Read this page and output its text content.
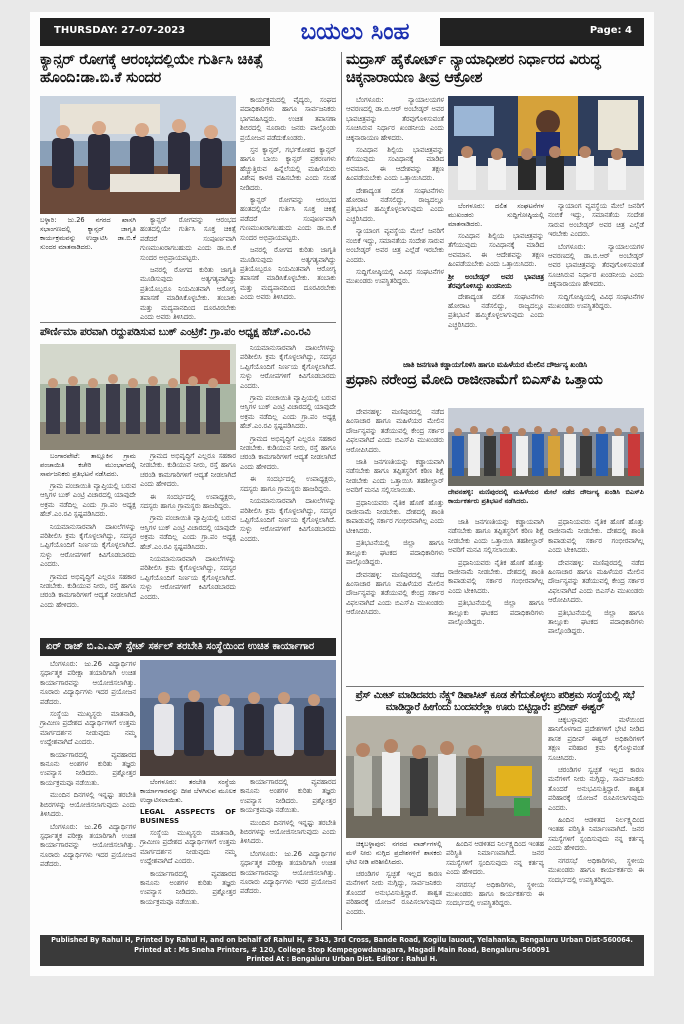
THURSDAY: 27-07-2023	ಬಯಲು ಸಿಂಹ	Page: 4
ಕ್ಯಾನ್ಸರ್ ರೋಗಕ್ಕೆ ಆರಂಭದಲ್ಲಿಯೇ ಗುರ್ತಿಸಿ ಚಿಕಿತ್ಸೆ ಹೊಂದಿ:ಡಾ.ಬಿ.ಕೆ ಸುಂದರ
ಬಳ್ಳಾರಿ: ಜು.26 ನಗರದ ಖಾಸಗಿ ಸಭಾಂಗಣದಲ್ಲಿ ಕ್ಯಾನ್ಸರ್ ಜಾಗೃತಿ ಕಾರ್ಯಕ್ರಮವನ್ನು ಉದ್ಘಾಟಿಸಿ ಡಾ.ಬಿ.ಕೆ ಸುಂದರ ಮಾತನಾಡಿದರು.

ಕ್ಯಾನ್ಸರ್ ರೋಗವನ್ನು ಆರಂಭದ ಹಂತದಲ್ಲಿಯೇ ಗುರ್ತಿಸಿ ಸೂಕ್ತ ಚಿಕಿತ್ಸೆ ಪಡೆದರೆ ಸಂಪೂರ್ಣವಾಗಿ ಗುಣಮುಖರಾಗಬಹುದು ಎಂದು ಡಾ.ಬಿ.ಕೆ ಸುಂದರ ಅಭಿಪ್ರಾಯಪಟ್ಟರು.

ಜನರಲ್ಲಿ ರೋಗದ ಕುರಿತು ಜಾಗೃತಿ ಮೂಡಿಸುವುದು ಅತ್ಯಗತ್ಯವಾಗಿದ್ದು ಪ್ರತಿಯೊಬ್ಬರೂ ನಿಯಮಿತವಾಗಿ ಆರೋಗ್ಯ ತಪಾಸಣೆ ಮಾಡಿಸಿಕೊಳ್ಳಬೇಕು. ತಂಬಾಕು ಮತ್ತು ಮದ್ಯಪಾನದಿಂದ ದೂರವಿರಬೇಕು ಎಂದು ಅವರು ತಿಳಿಸಿದರು.

ಕಾರ್ಯಕ್ರಮದಲ್ಲಿ ವೈದ್ಯರು, ಸಂಘದ ಪದಾಧಿಕಾರಿಗಳು ಹಾಗೂ ಸಾರ್ವಜನಿಕರು ಭಾಗವಹಿಸಿದ್ದರು. ಉಚಿತ ತಪಾಸಣಾ ಶಿಬಿರದಲ್ಲಿ ನೂರಾರು ಜನರು ಪಾಲ್ಗೊಂಡು ಪ್ರಯೋಜನ ಪಡೆದುಕೊಂಡರು.

ಸ್ತನ ಕ್ಯಾನ್ಸರ್, ಗರ್ಭಕೋಶದ ಕ್ಯಾನ್ಸರ್ ಹಾಗೂ ಬಾಯಿ ಕ್ಯಾನ್ಸರ್ ಪ್ರಕರಣಗಳು ಹೆಚ್ಚುತ್ತಿರುವ ಹಿನ್ನೆಲೆಯಲ್ಲಿ ಮಹಿಳೆಯರು ವಿಶೇಷ ಕಾಳಜಿ ವಹಿಸಬೇಕು ಎಂದು ಸಲಹೆ ನೀಡಿದರು.

ಕ್ಯಾನ್ಸರ್ ರೋಗವನ್ನು ಆರಂಭದ ಹಂತದಲ್ಲಿಯೇ ಗುರ್ತಿಸಿ ಸೂಕ್ತ ಚಿಕಿತ್ಸೆ ಪಡೆದರೆ ಸಂಪೂರ್ಣವಾಗಿ ಗುಣಮುಖರಾಗಬಹುದು ಎಂದು ಡಾ.ಬಿ.ಕೆ ಸುಂದರ ಅಭಿಪ್ರಾಯಪಟ್ಟರು.

ಜನರಲ್ಲಿ ರೋಗದ ಕುರಿತು ಜಾಗೃತಿ ಮೂಡಿಸುವುದು ಅತ್ಯಗತ್ಯವಾಗಿದ್ದು ಪ್ರತಿಯೊಬ್ಬರೂ ನಿಯಮಿತವಾಗಿ ಆರೋಗ್ಯ ತಪಾಸಣೆ ಮಾಡಿಸಿಕೊಳ್ಳಬೇಕು. ತಂಬಾಕು ಮತ್ತು ಮದ್ಯಪಾನದಿಂದ ದೂರವಿರಬೇಕು ಎಂದು ಅವರು ತಿಳಿಸಿದರು.

ಪೌರ್ಣಿಮಾ ಪರವಾಗಿ ರದ್ದುಪಡಿಸುವ ಬುಕ್ ಎಂಟ್ರಿಕೆ: ಗ್ರಾ.ಪಂ ಅಧ್ಯಕ್ಷ ಹೆಚ್.ಎಂ.ರವಿ

ಬಂಗಾರಪೇಟೆ: ತಾಲ್ಲೂಕಿನ ಗ್ರಾಮ ಪಂಚಾಯಿತಿ ಕಚೇರಿ ಮುಂಭಾಗದಲ್ಲಿ ಸಾರ್ವಜನಿಕರು ಪ್ರತಿಭಟನೆ ನಡೆಸಿದರು.

ಗ್ರಾಮ ಪಂಚಾಯಿತಿ ವ್ಯಾಪ್ತಿಯಲ್ಲಿ ಬರುವ ಆಸ್ತಿಗಳ ಬುಕ್ ಎಂಟ್ರಿ ವಿಚಾರದಲ್ಲಿ ಯಾವುದೇ ಅಕ್ರಮ ನಡೆದಿಲ್ಲ ಎಂದು ಗ್ರಾ.ಪಂ ಅಧ್ಯಕ್ಷ ಹೆಚ್.ಎಂ.ರವಿ ಸ್ಪಷ್ಟಪಡಿಸಿದರು.

ನಿಯಮಾನುಸಾರವಾಗಿ ದಾಖಲೆಗಳನ್ನು ಪರಿಶೀಲಿಸಿ ಕ್ರಮ ಕೈಗೊಳ್ಳಲಾಗಿದ್ದು, ಸದಸ್ಯರ ಒಪ್ಪಿಗೆಯೊಂದಿಗೆ ನಿರ್ಣಯ ಕೈಗೊಳ್ಳಲಾಗಿದೆ. ಸುಳ್ಳು ಆರೋಪಗಳಿಗೆ ಕಿವಿಗೊಡಬಾರದು ಎಂದರು.

ಗ್ರಾಮದ ಅಭಿವೃದ್ಧಿಗೆ ಎಲ್ಲರೂ ಸಹಕಾರ ನೀಡಬೇಕು. ಕುಡಿಯುವ ನೀರು, ರಸ್ತೆ ಹಾಗೂ ಚರಂಡಿ ಕಾಮಗಾರಿಗಳಿಗೆ ಆದ್ಯತೆ ನೀಡಲಾಗಿದೆ ಎಂದು ಹೇಳಿದರು.

ಗ್ರಾಮದ ಅಭಿವೃದ್ಧಿಗೆ ಎಲ್ಲರೂ ಸಹಕಾರ ನೀಡಬೇಕು. ಕುಡಿಯುವ ನೀರು, ರಸ್ತೆ ಹಾಗೂ ಚರಂಡಿ ಕಾಮಗಾರಿಗಳಿಗೆ ಆದ್ಯತೆ ನೀಡಲಾಗಿದೆ ಎಂದು ಹೇಳಿದರು.

ಈ ಸಂದರ್ಭದಲ್ಲಿ ಉಪಾಧ್ಯಕ್ಷರು, ಸದಸ್ಯರು ಹಾಗೂ ಗ್ರಾಮಸ್ಥರು ಹಾಜರಿದ್ದರು.

ಗ್ರಾಮ ಪಂಚಾಯಿತಿ ವ್ಯಾಪ್ತಿಯಲ್ಲಿ ಬರುವ ಆಸ್ತಿಗಳ ಬುಕ್ ಎಂಟ್ರಿ ವಿಚಾರದಲ್ಲಿ ಯಾವುದೇ ಅಕ್ರಮ ನಡೆದಿಲ್ಲ ಎಂದು ಗ್ರಾ.ಪಂ ಅಧ್ಯಕ್ಷ ಹೆಚ್.ಎಂ.ರವಿ ಸ್ಪಷ್ಟಪಡಿಸಿದರು.

ನಿಯಮಾನುಸಾರವಾಗಿ ದಾಖಲೆಗಳನ್ನು ಪರಿಶೀಲಿಸಿ ಕ್ರಮ ಕೈಗೊಳ್ಳಲಾಗಿದ್ದು, ಸದಸ್ಯರ ಒಪ್ಪಿಗೆಯೊಂದಿಗೆ ನಿರ್ಣಯ ಕೈಗೊಳ್ಳಲಾಗಿದೆ. ಸುಳ್ಳು ಆರೋಪಗಳಿಗೆ ಕಿವಿಗೊಡಬಾರದು ಎಂದರು.

ನಿಯಮಾನುಸಾರವಾಗಿ ದಾಖಲೆಗಳನ್ನು ಪರಿಶೀಲಿಸಿ ಕ್ರಮ ಕೈಗೊಳ್ಳಲಾಗಿದ್ದು, ಸದಸ್ಯರ ಒಪ್ಪಿಗೆಯೊಂದಿಗೆ ನಿರ್ಣಯ ಕೈಗೊಳ್ಳಲಾಗಿದೆ. ಸುಳ್ಳು ಆರೋಪಗಳಿಗೆ ಕಿವಿಗೊಡಬಾರದು ಎಂದರು.

ಗ್ರಾಮ ಪಂಚಾಯಿತಿ ವ್ಯಾಪ್ತಿಯಲ್ಲಿ ಬರುವ ಆಸ್ತಿಗಳ ಬುಕ್ ಎಂಟ್ರಿ ವಿಚಾರದಲ್ಲಿ ಯಾವುದೇ ಅಕ್ರಮ ನಡೆದಿಲ್ಲ ಎಂದು ಗ್ರಾ.ಪಂ ಅಧ್ಯಕ್ಷ ಹೆಚ್.ಎಂ.ರವಿ ಸ್ಪಷ್ಟಪಡಿಸಿದರು.

ಗ್ರಾಮದ ಅಭಿವೃದ್ಧಿಗೆ ಎಲ್ಲರೂ ಸಹಕಾರ ನೀಡಬೇಕು. ಕುಡಿಯುವ ನೀರು, ರಸ್ತೆ ಹಾಗೂ ಚರಂಡಿ ಕಾಮಗಾರಿಗಳಿಗೆ ಆದ್ಯತೆ ನೀಡಲಾಗಿದೆ ಎಂದು ಹೇಳಿದರು.

ಈ ಸಂದರ್ಭದಲ್ಲಿ ಉಪಾಧ್ಯಕ್ಷರು, ಸದಸ್ಯರು ಹಾಗೂ ಗ್ರಾಮಸ್ಥರು ಹಾಜರಿದ್ದರು.

ನಿಯಮಾನುಸಾರವಾಗಿ ದಾಖಲೆಗಳನ್ನು ಪರಿಶೀಲಿಸಿ ಕ್ರಮ ಕೈಗೊಳ್ಳಲಾಗಿದ್ದು, ಸದಸ್ಯರ ಒಪ್ಪಿಗೆಯೊಂದಿಗೆ ನಿರ್ಣಯ ಕೈಗೊಳ್ಳಲಾಗಿದೆ. ಸುಳ್ಳು ಆರೋಪಗಳಿಗೆ ಕಿವಿಗೊಡಬಾರದು ಎಂದರು.

ಏರ್ ರಾಜ್ ಬಿ.ಎ.ಎಸ್ ಸ್ಟೇಟ್ ಸರ್ಕಲ್ ತರಬೇತಿ ಸಂಸ್ಥೆಯಿಂದ ಉಚಿತ ಕಾರ್ಯಾಗಾರ

ಬೆಂಗಳೂರು: ಜು.26 ವಿದ್ಯಾರ್ಥಿಗಳ ಸ್ಪರ್ಧಾತ್ಮಕ ಪರೀಕ್ಷಾ ತಯಾರಿಗಾಗಿ ಉಚಿತ ಕಾರ್ಯಾಗಾರವನ್ನು ಆಯೋಜಿಸಲಾಗಿತ್ತು. ನೂರಾರು ವಿದ್ಯಾರ್ಥಿಗಳು ಇದರ ಪ್ರಯೋಜನ ಪಡೆದರು.

ಸಂಸ್ಥೆಯ ಮುಖ್ಯಸ್ಥರು ಮಾತನಾಡಿ, ಗ್ರಾಮೀಣ ಪ್ರದೇಶದ ವಿದ್ಯಾರ್ಥಿಗಳಿಗೆ ಉತ್ತಮ ಮಾರ್ಗದರ್ಶನ ನೀಡುವುದು ನಮ್ಮ ಉದ್ದೇಶವಾಗಿದೆ ಎಂದರು.

ಕಾರ್ಯಾಗಾರದಲ್ಲಿ ವ್ಯವಹಾರದ ಕಾನೂನು ಅಂಶಗಳ ಕುರಿತು ತಜ್ಞರು ಉಪನ್ಯಾಸ ನೀಡಿದರು. ಪ್ರಶ್ನೋತ್ತರ ಕಾರ್ಯಕ್ರಮವೂ ನಡೆಯಿತು.

ಮುಂದಿನ ದಿನಗಳಲ್ಲಿ ಇನ್ನಷ್ಟು ತರಬೇತಿ ಶಿಬಿರಗಳನ್ನು ಆಯೋಜಿಸಲಾಗುವುದು ಎಂದು ತಿಳಿಸಿದರು.

ಬೆಂಗಳೂರು: ಜು.26 ವಿದ್ಯಾರ್ಥಿಗಳ ಸ್ಪರ್ಧಾತ್ಮಕ ಪರೀಕ್ಷಾ ತಯಾರಿಗಾಗಿ ಉಚಿತ ಕಾರ್ಯಾಗಾರವನ್ನು ಆಯೋಜಿಸಲಾಗಿತ್ತು. ನೂರಾರು ವಿದ್ಯಾರ್ಥಿಗಳು ಇದರ ಪ್ರಯೋಜನ ಪಡೆದರು.

ಬೆಂಗಳೂರು: ತರಬೇತಿ ಸಂಸ್ಥೆಯ ಕಾರ್ಯಾಗಾರವನ್ನು ದೀಪ ಬೆಳಗಿಸುವ ಮೂಲಕ ಉದ್ಘಾಟಿಸಲಾಯಿತು.

LEGAL ASSPECTS OF BUSINESS

ಸಂಸ್ಥೆಯ ಮುಖ್ಯಸ್ಥರು ಮಾತನಾಡಿ, ಗ್ರಾಮೀಣ ಪ್ರದೇಶದ ವಿದ್ಯಾರ್ಥಿಗಳಿಗೆ ಉತ್ತಮ ಮಾರ್ಗದರ್ಶನ ನೀಡುವುದು ನಮ್ಮ ಉದ್ದೇಶವಾಗಿದೆ ಎಂದರು.

ಕಾರ್ಯಾಗಾರದಲ್ಲಿ ವ್ಯವಹಾರದ ಕಾನೂನು ಅಂಶಗಳ ಕುರಿತು ತಜ್ಞರು ಉಪನ್ಯಾಸ ನೀಡಿದರು. ಪ್ರಶ್ನೋತ್ತರ ಕಾರ್ಯಕ್ರಮವೂ ನಡೆಯಿತು.

ಕಾರ್ಯಾಗಾರದಲ್ಲಿ ವ್ಯವಹಾರದ ಕಾನೂನು ಅಂಶಗಳ ಕುರಿತು ತಜ್ಞರು ಉಪನ್ಯಾಸ ನೀಡಿದರು. ಪ್ರಶ್ನೋತ್ತರ ಕಾರ್ಯಕ್ರಮವೂ ನಡೆಯಿತು.

ಮುಂದಿನ ದಿನಗಳಲ್ಲಿ ಇನ್ನಷ್ಟು ತರಬೇತಿ ಶಿಬಿರಗಳನ್ನು ಆಯೋಜಿಸಲಾಗುವುದು ಎಂದು ತಿಳಿಸಿದರು.

ಬೆಂಗಳೂರು: ಜು.26 ವಿದ್ಯಾರ್ಥಿಗಳ ಸ್ಪರ್ಧಾತ್ಮಕ ಪರೀಕ್ಷಾ ತಯಾರಿಗಾಗಿ ಉಚಿತ ಕಾರ್ಯಾಗಾರವನ್ನು ಆಯೋಜಿಸಲಾಗಿತ್ತು. ನೂರಾರು ವಿದ್ಯಾರ್ಥಿಗಳು ಇದರ ಪ್ರಯೋಜನ ಪಡೆದರು.

ಮದ್ರಾಸ್ ಹೈಕೋರ್ಟ್ ನ್ಯಾಯಾಧೀಶರ ನಿರ್ಧಾರದ ವಿರುದ್ಧ ಚಿಕ್ಕನಾರಾಯಣ ತೀವ್ರ ಆಕ್ರೋಶ

ಬೆಂಗಳೂರು: ನ್ಯಾಯಾಲಯಗಳ ಆವರಣದಲ್ಲಿ ಡಾ.ಬಿ.ಆರ್ ಅಂಬೇಡ್ಕರ್ ಅವರ ಭಾವಚಿತ್ರವನ್ನು ತೆರವುಗೊಳಿಸುವಂತೆ ಸೂಚಿಸಿರುವ ನಿರ್ಧಾರ ಖಂಡನೀಯ ಎಂದು ಚಿಕ್ಕನಾರಾಯಣ ಹೇಳಿದರು.

ಸಂವಿಧಾನ ಶಿಲ್ಪಿಯ ಭಾವಚಿತ್ರವನ್ನು ತೆಗೆಯುವುದು ಸಂವಿಧಾನಕ್ಕೆ ಮಾಡಿದ ಅವಮಾನ. ಈ ಆದೇಶವನ್ನು ತಕ್ಷಣ ಹಿಂಪಡೆಯಬೇಕು ಎಂದು ಒತ್ತಾಯಿಸಿದರು.

ದೇಶಾದ್ಯಂತ ದಲಿತ ಸಂಘಟನೆಗಳು ಹೋರಾಟ ನಡೆಸಲಿದ್ದು, ರಾಜ್ಯದಲ್ಲೂ ಪ್ರತಿಭಟನೆ ಹಮ್ಮಿಕೊಳ್ಳಲಾಗುವುದು ಎಂದು ಎಚ್ಚರಿಸಿದರು.

ನ್ಯಾಯಾಂಗ ವ್ಯವಸ್ಥೆಯ ಮೇಲೆ ಜನರಿಗೆ ನಂಬಿಕೆ ಇದ್ದು, ಸಮಾನತೆಯ ಸಂದೇಶ ಸಾರುವ ಅಂಬೇಡ್ಕರ್ ಅವರ ಚಿತ್ರ ಎಲ್ಲೆಡೆ ಇರಬೇಕು ಎಂದರು.

ಸುದ್ದಿಗೋಷ್ಠಿಯಲ್ಲಿ ವಿವಿಧ ಸಂಘಟನೆಗಳ ಮುಖಂಡರು ಉಪಸ್ಥಿತರಿದ್ದರು.

ಬೆಂಗಳೂರು: ದಲಿತ ಸಂಘಟನೆಗಳ ಮುಖಂಡರು ಸುದ್ದಿಗೋಷ್ಠಿಯಲ್ಲಿ ಮಾತನಾಡಿದರು.

ಸಂವಿಧಾನ ಶಿಲ್ಪಿಯ ಭಾವಚಿತ್ರವನ್ನು ತೆಗೆಯುವುದು ಸಂವಿಧಾನಕ್ಕೆ ಮಾಡಿದ ಅವಮಾನ. ಈ ಆದೇಶವನ್ನು ತಕ್ಷಣ ಹಿಂಪಡೆಯಬೇಕು ಎಂದು ಒತ್ತಾಯಿಸಿದರು.

ಶ್ರೀ ಅಂಬೇಡ್ಕರ್ ಅವರ ಭಾವಚಿತ್ರ ತೆರವುಗೊಳಿಸಿದ್ದು ಖಂಡನೀಯ

ದೇಶಾದ್ಯಂತ ದಲಿತ ಸಂಘಟನೆಗಳು ಹೋರಾಟ ನಡೆಸಲಿದ್ದು, ರಾಜ್ಯದಲ್ಲೂ ಪ್ರತಿಭಟನೆ ಹಮ್ಮಿಕೊಳ್ಳಲಾಗುವುದು ಎಂದು ಎಚ್ಚರಿಸಿದರು.

ನ್ಯಾಯಾಂಗ ವ್ಯವಸ್ಥೆಯ ಮೇಲೆ ಜನರಿಗೆ ನಂಬಿಕೆ ಇದ್ದು, ಸಮಾನತೆಯ ಸಂದೇಶ ಸಾರುವ ಅಂಬೇಡ್ಕರ್ ಅವರ ಚಿತ್ರ ಎಲ್ಲೆಡೆ ಇರಬೇಕು ಎಂದರು.

ಬೆಂಗಳೂರು: ನ್ಯಾಯಾಲಯಗಳ ಆವರಣದಲ್ಲಿ ಡಾ.ಬಿ.ಆರ್ ಅಂಬೇಡ್ಕರ್ ಅವರ ಭಾವಚಿತ್ರವನ್ನು ತೆರವುಗೊಳಿಸುವಂತೆ ಸೂಚಿಸಿರುವ ನಿರ್ಧಾರ ಖಂಡನೀಯ ಎಂದು ಚಿಕ್ಕನಾರಾಯಣ ಹೇಳಿದರು.

ಸುದ್ದಿಗೋಷ್ಠಿಯಲ್ಲಿ ವಿವಿಧ ಸಂಘಟನೆಗಳ ಮುಖಂಡರು ಉಪಸ್ಥಿತರಿದ್ದರು.

ಜಾತಿ ಜನಗಣತಿ ಕಡ್ಡಾಯಗೊಳಿಸಿ ಹಾಗೂ ಮಹಿಳೆಯರ ಮೇಲಿನ ದೌರ್ಜನ್ಯ ಖಂಡಿಸಿ
ಪ್ರಧಾನಿ ನರೇಂದ್ರ ಮೋದಿ ರಾಜೀನಾಮೆಗೆ ಬಿಎಸ್‌ಪಿ ಒತ್ತಾಯ

ದೇವನಹಳ್ಳಿ: ಮಣಿಪುರದಲ್ಲಿ ನಡೆದ ಹಿಂಸಾಚಾರ ಹಾಗೂ ಮಹಿಳೆಯರ ಮೇಲಿನ ದೌರ್ಜನ್ಯವನ್ನು ತಡೆಯುವಲ್ಲಿ ಕೇಂದ್ರ ಸರ್ಕಾರ ವಿಫಲವಾಗಿದೆ ಎಂದು ಬಿಎಸ್‌ಪಿ ಮುಖಂಡರು ಆರೋಪಿಸಿದರು.

ಜಾತಿ ಜನಗಣತಿಯನ್ನು ಕಡ್ಡಾಯವಾಗಿ ನಡೆಸಬೇಕು ಹಾಗೂ ತಪ್ಪಿತಸ್ಥರಿಗೆ ಕಠಿಣ ಶಿಕ್ಷೆ ನೀಡಬೇಕು ಎಂದು ಒತ್ತಾಯಿಸಿ ತಹಶೀಲ್ದಾರ್ ಅವರಿಗೆ ಮನವಿ ಸಲ್ಲಿಸಲಾಯಿತು.

ಪ್ರಧಾನಿಯವರು ನೈತಿಕ ಹೊಣೆ ಹೊತ್ತು ರಾಜೀನಾಮೆ ನೀಡಬೇಕು. ದೇಶದಲ್ಲಿ ಶಾಂತಿ ಕಾಪಾಡುವಲ್ಲಿ ಸರ್ಕಾರ ಗಂಭೀರವಾಗಿಲ್ಲ ಎಂದು ಟೀಕಿಸಿದರು.

ಪ್ರತಿಭಟನೆಯಲ್ಲಿ ಜಿಲ್ಲಾ ಹಾಗೂ ತಾಲ್ಲೂಕು ಘಟಕದ ಪದಾಧಿಕಾರಿಗಳು ಪಾಲ್ಗೊಂಡಿದ್ದರು.

ದೇವನಹಳ್ಳಿ: ಮಣಿಪುರದಲ್ಲಿ ನಡೆದ ಹಿಂಸಾಚಾರ ಹಾಗೂ ಮಹಿಳೆಯರ ಮೇಲಿನ ದೌರ್ಜನ್ಯವನ್ನು ತಡೆಯುವಲ್ಲಿ ಕೇಂದ್ರ ಸರ್ಕಾರ ವಿಫಲವಾಗಿದೆ ಎಂದು ಬಿಎಸ್‌ಪಿ ಮುಖಂಡರು ಆರೋಪಿಸಿದರು.

ದೇವನಹಳ್ಳಿ: ಮಣಿಪುರದಲ್ಲಿ ಮಹಿಳೆಯರ ಮೇಲೆ ನಡೆದ ದೌರ್ಜನ್ಯ ಖಂಡಿಸಿ ಬಿಎಸ್‌ಪಿ ಕಾರ್ಯಕರ್ತರು ಪ್ರತಿಭಟನೆ ನಡೆಸಿದರು.

ಜಾತಿ ಜನಗಣತಿಯನ್ನು ಕಡ್ಡಾಯವಾಗಿ ನಡೆಸಬೇಕು ಹಾಗೂ ತಪ್ಪಿತಸ್ಥರಿಗೆ ಕಠಿಣ ಶಿಕ್ಷೆ ನೀಡಬೇಕು ಎಂದು ಒತ್ತಾಯಿಸಿ ತಹಶೀಲ್ದಾರ್ ಅವರಿಗೆ ಮನವಿ ಸಲ್ಲಿಸಲಾಯಿತು.

ಪ್ರಧಾನಿಯವರು ನೈತಿಕ ಹೊಣೆ ಹೊತ್ತು ರಾಜೀನಾಮೆ ನೀಡಬೇಕು. ದೇಶದಲ್ಲಿ ಶಾಂತಿ ಕಾಪಾಡುವಲ್ಲಿ ಸರ್ಕಾರ ಗಂಭೀರವಾಗಿಲ್ಲ ಎಂದು ಟೀಕಿಸಿದರು.

ಪ್ರತಿಭಟನೆಯಲ್ಲಿ ಜಿಲ್ಲಾ ಹಾಗೂ ತಾಲ್ಲೂಕು ಘಟಕದ ಪದಾಧಿಕಾರಿಗಳು ಪಾಲ್ಗೊಂಡಿದ್ದರು.

ಪ್ರಧಾನಿಯವರು ನೈತಿಕ ಹೊಣೆ ಹೊತ್ತು ರಾಜೀನಾಮೆ ನೀಡಬೇಕು. ದೇಶದಲ್ಲಿ ಶಾಂತಿ ಕಾಪಾಡುವಲ್ಲಿ ಸರ್ಕಾರ ಗಂಭೀರವಾಗಿಲ್ಲ ಎಂದು ಟೀಕಿಸಿದರು.

ದೇವನಹಳ್ಳಿ: ಮಣಿಪುರದಲ್ಲಿ ನಡೆದ ಹಿಂಸಾಚಾರ ಹಾಗೂ ಮಹಿಳೆಯರ ಮೇಲಿನ ದೌರ್ಜನ್ಯವನ್ನು ತಡೆಯುವಲ್ಲಿ ಕೇಂದ್ರ ಸರ್ಕಾರ ವಿಫಲವಾಗಿದೆ ಎಂದು ಬಿಎಸ್‌ಪಿ ಮುಖಂಡರು ಆರೋಪಿಸಿದರು.

ಪ್ರತಿಭಟನೆಯಲ್ಲಿ ಜಿಲ್ಲಾ ಹಾಗೂ ತಾಲ್ಲೂಕು ಘಟಕದ ಪದಾಧಿಕಾರಿಗಳು ಪಾಲ್ಗೊಂಡಿದ್ದರು.

ಪ್ರೆಸ್ ಮೀಟ್ ಮಾಡಿದವರು ನೆಕ್ಸ್ಟ್ ಡಿಪಾಸಿಟ್ ಕೂಡ ತೆಗೆದುಕೊಳ್ಳಲು ಪರಿಶ್ರಮ ಸಂಸ್ಥೆಯಲ್ಲಿ ಸಭೆ ಮಾಡಿದ್ದಾರೆ ಹೀಗೆಂದು ಬಂದವರೆಲ್ಲಾ ಊರು ಬಿಟ್ಟಿದ್ದಾರೆ: ಪ್ರದೀಪ್ ಈಶ್ವರ್

ಚಿಕ್ಕಬಳ್ಳಾಪುರ: ಮಳೆಯಿಂದ ಹಾನಿಗೊಳಗಾದ ಪ್ರದೇಶಗಳಿಗೆ ಭೇಟಿ ನೀಡಿದ ಶಾಸಕ ಪ್ರದೀಪ್ ಈಶ್ವರ್ ಅಧಿಕಾರಿಗಳಿಗೆ ತಕ್ಷಣ ಪರಿಹಾರ ಕ್ರಮ ಕೈಗೊಳ್ಳುವಂತೆ ಸೂಚಿಸಿದರು.

ಚರಂಡಿಗಳ ಸ್ವಚ್ಛತೆ ಇಲ್ಲದ ಕಾರಣ ಮನೆಗಳಿಗೆ ನೀರು ನುಗ್ಗಿದ್ದು, ಸಾರ್ವಜನಿಕರು ತೊಂದರೆ ಅನುಭವಿಸುತ್ತಿದ್ದಾರೆ. ಶಾಶ್ವತ ಪರಿಹಾರಕ್ಕೆ ಯೋಜನೆ ರೂಪಿಸಲಾಗುವುದು ಎಂದರು.

ಹಿಂದಿನ ಆಡಳಿತದ ನಿರ್ಲಕ್ಷ್ಯದಿಂದ ಇಂತಹ ಪರಿಸ್ಥಿತಿ ನಿರ್ಮಾಣವಾಗಿದೆ. ಜನರ ಸಮಸ್ಯೆಗಳಿಗೆ ಸ್ಪಂದಿಸುವುದು ನನ್ನ ಕರ್ತವ್ಯ ಎಂದು ಹೇಳಿದರು.

ನಗರಸಭೆ ಅಧಿಕಾರಿಗಳು, ಸ್ಥಳೀಯ ಮುಖಂಡರು ಹಾಗೂ ಕಾರ್ಯಕರ್ತರು ಈ ಸಂದರ್ಭದಲ್ಲಿ ಉಪಸ್ಥಿತರಿದ್ದರು.

ಚಿಕ್ಕಬಳ್ಳಾಪುರ: ನಗರದ ವಾರ್ಡ್‌ಗಳಲ್ಲಿ ಮಳೆ ನೀರು ನುಗ್ಗಿದ ಪ್ರದೇಶಗಳಿಗೆ ಶಾಸಕರು ಭೇಟಿ ನೀಡಿ ಪರಿಶೀಲಿಸಿದರು.

ಚರಂಡಿಗಳ ಸ್ವಚ್ಛತೆ ಇಲ್ಲದ ಕಾರಣ ಮನೆಗಳಿಗೆ ನೀರು ನುಗ್ಗಿದ್ದು, ಸಾರ್ವಜನಿಕರು ತೊಂದರೆ ಅನುಭವಿಸುತ್ತಿದ್ದಾರೆ. ಶಾಶ್ವತ ಪರಿಹಾರಕ್ಕೆ ಯೋಜನೆ ರೂಪಿಸಲಾಗುವುದು ಎಂದರು.

ಹಿಂದಿನ ಆಡಳಿತದ ನಿರ್ಲಕ್ಷ್ಯದಿಂದ ಇಂತಹ ಪರಿಸ್ಥಿತಿ ನಿರ್ಮಾಣವಾಗಿದೆ. ಜನರ ಸಮಸ್ಯೆಗಳಿಗೆ ಸ್ಪಂದಿಸುವುದು ನನ್ನ ಕರ್ತವ್ಯ ಎಂದು ಹೇಳಿದರು.

ನಗರಸಭೆ ಅಧಿಕಾರಿಗಳು, ಸ್ಥಳೀಯ ಮುಖಂಡರು ಹಾಗೂ ಕಾರ್ಯಕರ್ತರು ಈ ಸಂದರ್ಭದಲ್ಲಿ ಉಪಸ್ಥಿತರಿದ್ದರು.

Published By Rahul H, Printed by Rahul H, and on behalf of Rahul H, # 343, 3rd Cross, Bande Road, Kogilu lauout, Yelahanka, Bengaluru Urban Dist-560064.
Printed at : Ms Sneha Printers, # 120, College Stop Kempegowdanagara, Magadi Main Road, Bengaluru-560091
Printed At : Bengaluru Urban Dist. Editor : Rahul H.
